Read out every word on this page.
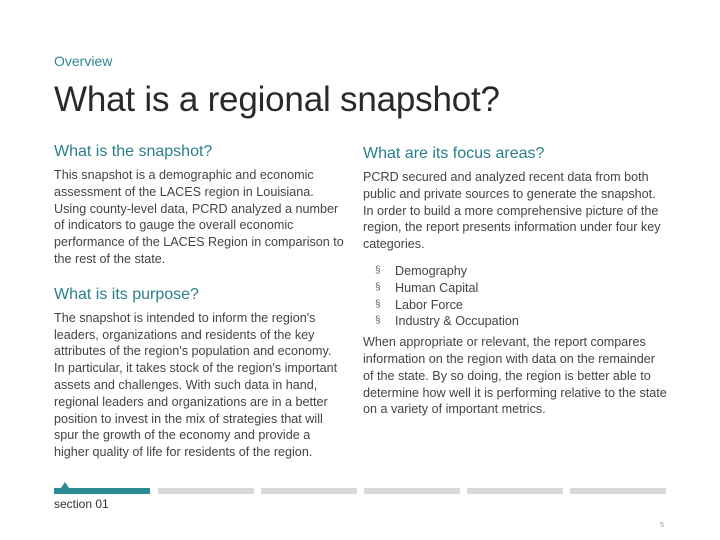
Overview
What is a regional snapshot?
What is the snapshot?

This snapshot is a demographic and economic assessment of the LACES region in Louisiana. Using county-level data, PCRD analyzed a number of indicators to gauge the overall economic performance of the LACES Region in comparison to the rest of the state.

What is its purpose?

The snapshot is intended to inform the region's leaders, organizations and residents of the key attributes of the region's population and economy. In particular, it takes stock of the region's important assets and challenges. With such data in hand, regional leaders and organizations are in a better position to invest in the mix of strategies that will spur the growth of the economy and provide a higher quality of life for residents of the region.

What are its focus areas?

PCRD secured and analyzed recent data from both public and private sources to generate the snapshot. In order to build a more comprehensive picture of the region, the report presents information under four key categories.

§ Demography
§ Human Capital
§ Labor Force
§ Industry & Occupation

When appropriate or relevant, the report compares information on the region with data on the remainder of the state. By so doing, the region is better able to determine how well it is performing relative to the state on a variety of important metrics.

section 01
5
